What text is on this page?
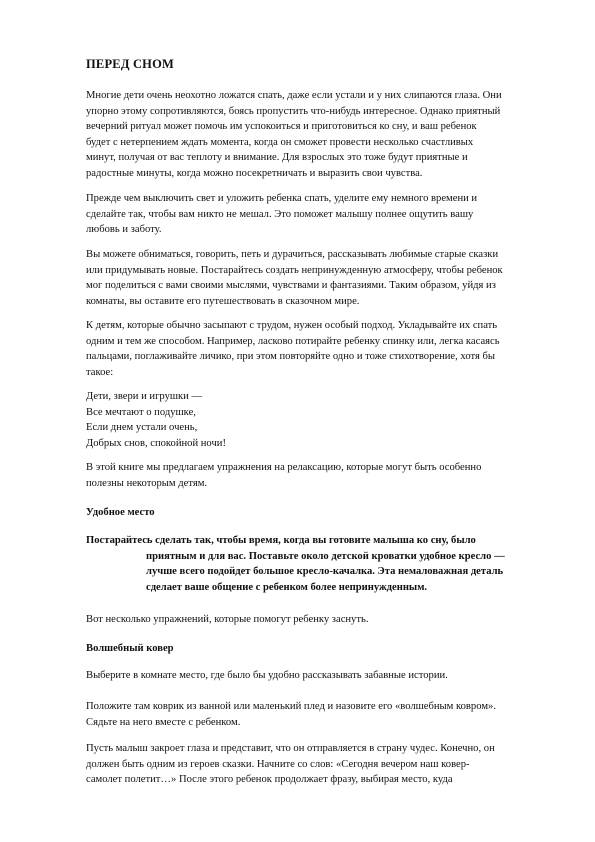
ПЕРЕД СНОМ
Многие дети очень неохотно ложатся спать, даже если устали и у них слипаются глаза. Они
упорно этому сопротивляются, боясь пропустить что-нибудь интересное. Однако приятный
вечерний ритуал может помочь им успокоиться и приготовиться ко сну, и ваш ребенок
будет с нетерпением ждать момента, когда он сможет провести несколько счастливых
минут, получая от вас теплоту и внимание. Для взрослых это тоже будут приятные и
радостные минуты, когда можно посекретничать и выразить свои чувства.
Прежде чем выключить свет и уложить ребенка спать, уделите ему немного времени и
сделайте так, чтобы вам никто не мешал. Это поможет малышу полнее ощутить вашу
любовь и заботу.
Вы можете обниматься, говорить, петь и дурачиться, рассказывать любимые старые сказки
или придумывать новые. Постарайтесь создать непринужденную атмосферу, чтобы ребенок
мог поделиться с вами своими мыслями, чувствами и фантазиями. Таким образом, уйдя из
комнаты, вы оставите его путешествовать в сказочном мире.
К детям, которые обычно засыпают с трудом, нужен особый подход. Укладывайте их спать
одним и тем же способом. Например, ласково потирайте ребенку спинку или, легка касаясь
пальцами, поглаживайте личико, при этом повторяйте одно и тоже стихотворение, хотя бы
такое:
Дети, звери и игрушки —
Все мечтают о подушке,
Если днем устали очень,
Добрых снов, спокойной ночи!
В этой книге мы предлагаем упражнения на релаксацию, которые могут быть особенно
полезны некоторым детям.
Удобное место
Постарайтесь сделать так, чтобы время, когда вы готовите малыша ко сну, было
приятным и для вас. Поставьте около детской кроватки удобное кресло —
лучше всего подойдет большое кресло-качалка. Эта немаловажная деталь
сделает ваше общение с ребенком более непринужденным.
Вот несколько упражнений, которые помогут ребенку заснуть.
Волшебный ковер
Выберите в комнате место, где было бы удобно рассказывать забавные истории.
Положите там коврик из ванной или маленький плед и назовите его «волшебным ковром».
Сядьте на него вместе с ребенком.
Пусть малыш закроет глаза и представит, что он отправляется в страну чудес. Конечно, он
должен быть одним из героев сказки. Начните со слов: «Сегодня вечером наш ковер-
самолет полетит…» После этого ребенок продолжает фразу, выбирая место, куда
